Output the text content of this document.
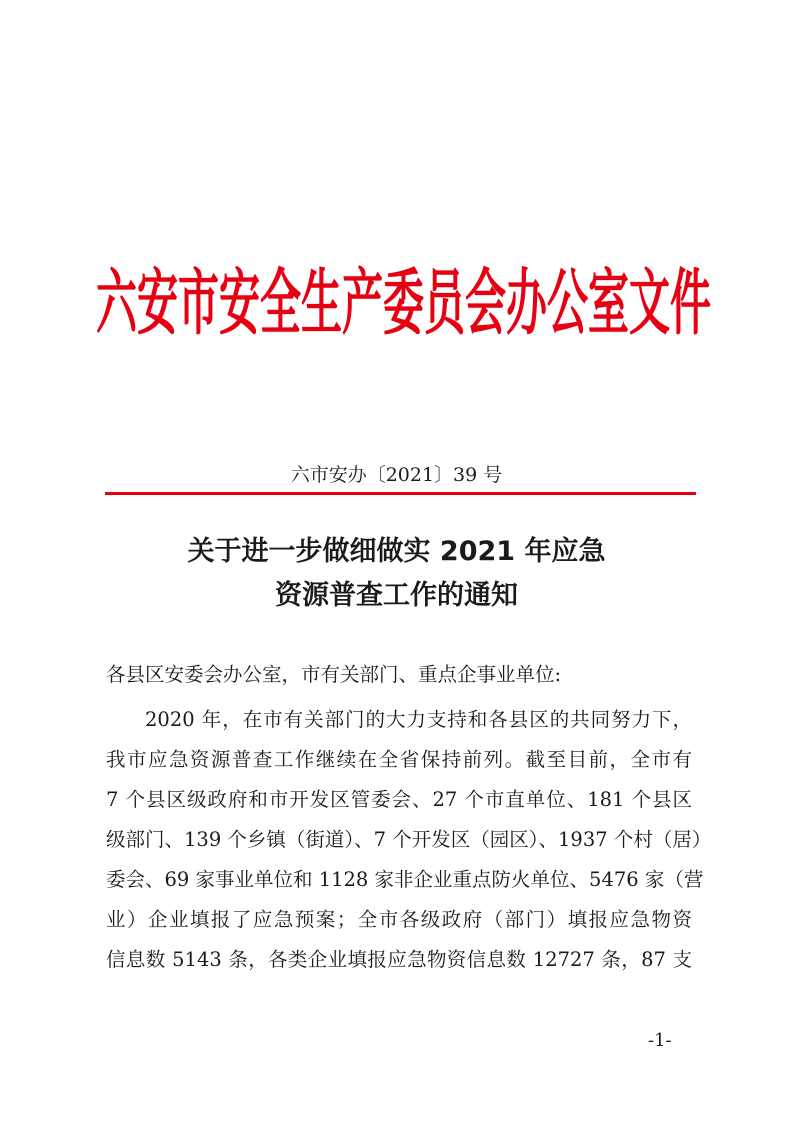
六安市安全生产委员会办公室文件
六市安办〔2021〕39 号
关于进一步做细做实 2021 年应急
资源普查工作的通知
各县区安委会办公室，市有关部门、重点企事业单位:
2020 年，在市有关部门的大力支持和各县区的共同努力下，
我市应急资源普查工作继续在全省保持前列。截至目前，全市有
7 个县区级政府和市开发区管委会、27 个市直单位、181 个县区
级部门、139 个乡镇（街道）、7 个开发区（园区）、1937 个村（居）
委会、69 家事业单位和 1128 家非企业重点防火单位、5476 家（营
业）企业填报了应急预案；全市各级政府（部门）填报应急物资
信息数 5143 条，各类企业填报应急物资信息数 12727 条，87 支
-1-
